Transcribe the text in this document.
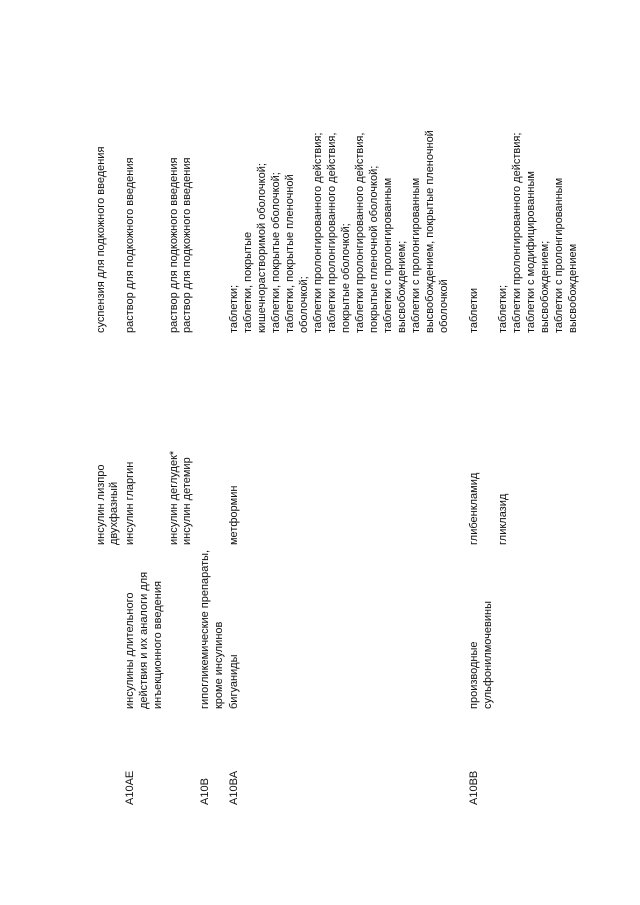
инсулин лизпро двухфазный
суспензия для подкожного введения
A10AE
инсулины длительного действия и их аналоги для инъекционного введения
инсулин гларгин
раствор для подкожного введения
инсулин деглудек*
раствор для подкожного введения
инсулин детемир
раствор для подкожного введения
A10B
гипогликемические препараты, кроме инсулинов
A10BA
бигуаниды
метформин
таблетки; таблетки, покрытые кишечнорастворимой оболочкой; таблетки, покрытые оболочкой; таблетки, покрытые пленочной оболочкой; таблетки пролонгированного действия; таблетки пролонгированного действия, покрытые оболочкой; таблетки пролонгированного действия, покрытые пленочной оболочкой; таблетки с пролонгированным высвобождением; таблетки с пролонгированным высвобождением, покрытые пленочной оболочкой
A10BB
производные сульфонилмочевины
глибенкламид
таблетки
гликлазид
таблетки; таблетки пролонгированного действия; таблетки с модифицированным высвобождением; таблетки с пролонгированным высвобождением
